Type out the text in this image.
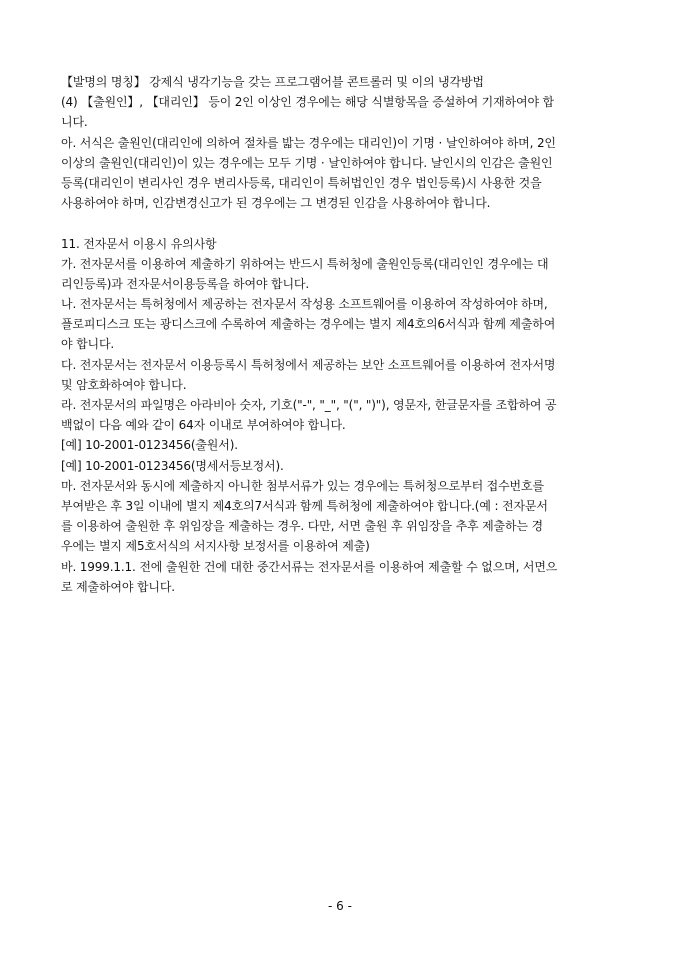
【발명의 명칭】 강제식 냉각기능을 갖는 프로그램어블 콘트롤러 및 이의 냉각방법
(4) 【출원인】, 【대리인】 등이 2인 이상인 경우에는 해당 식별항목을 증설하여 기재하여야 합
니다.
아. 서식은 출원인(대리인에 의하여 절차를 밟는 경우에는 대리인)이 기명 · 날인하여야 하며, 2인
이상의 출원인(대리인)이 있는 경우에는 모두 기명 · 날인하여야 합니다. 날인시의 인감은 출원인
등록(대리인이 변리사인 경우 변리사등록, 대리인이 특허법인인 경우 법인등록)시 사용한 것을
사용하여야 하며, 인감변경신고가 된 경우에는 그 변경된 인감을 사용하여야 합니다.
11. 전자문서 이용시 유의사항
가. 전자문서를 이용하여 제출하기 위하여는 반드시 특허청에 출원인등록(대리인인 경우에는 대
리인등록)과 전자문서이용등록을 하여야 합니다.
나. 전자문서는 특허청에서 제공하는 전자문서 작성용 소프트웨어를 이용하여 작성하여야 하며,
플로피디스크 또는 광디스크에 수록하여 제출하는 경우에는 별지 제4호의6서식과 함께 제출하여
야 합니다.
다. 전자문서는 전자문서 이용등록시 특허청에서 제공하는 보안 소프트웨어를 이용하여 전자서명
및 암호화하여야 합니다.
라. 전자문서의 파일명은 아라비아 숫자, 기호("-", "_", "(", ")"), 영문자, 한글문자를 조합하여 공
백없이 다음 예와 같이 64자 이내로 부여하여야 합니다.
[예] 10-2001-0123456(출원서).
[예] 10-2001-0123456(명세서등보정서).
마. 전자문서와 동시에 제출하지 아니한 첨부서류가 있는 경우에는 특허청으로부터 접수번호를
부여받은 후 3일 이내에 별지 제4호의7서식과 함께 특허청에 제출하여야 합니다.(예 : 전자문서
를 이용하여 출원한 후 위임장을 제출하는 경우. 다만, 서면 출원 후 위임장을 추후 제출하는 경
우에는 별지 제5호서식의 서지사항 보정서를 이용하여 제출)
바. 1999.1.1. 전에 출원한 건에 대한 중간서류는 전자문서를 이용하여 제출할 수 없으며, 서면으
로 제출하여야 합니다.
- 6 -
